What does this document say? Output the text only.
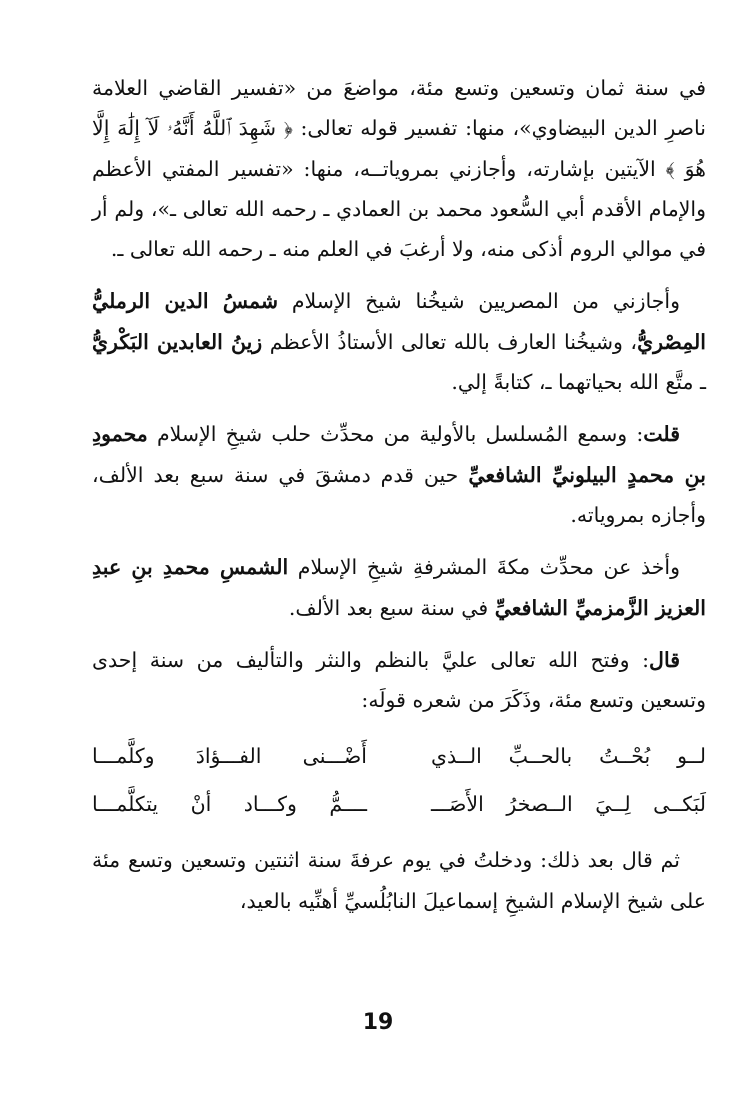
في سنة ثمان وتسعين وتسع مئة، مواضعَ من «تفسير القاضي العلامة ناصرِ الدين البيضاوي»، منها: تفسير قوله تعالى: ﴿ شَهِدَ ٱللَّهُ أَنَّهُۥ لَآ إِلَٰهَ إِلَّا هُوَ ﴾ الآيتين بإشارته، وأجازني بمروياتــه، منها: «تفسير المفتي الأعظم والإمام الأقدم أبي السُّعود محمد بن العمادي ـ رحمه الله تعالى ـ»، ولم أر في موالي الروم أذكى منه، ولا أرغبَ في العلم منه ـ رحمه الله تعالى ـ.

وأجازني من المصريين شيخُنا شيخ الإسلام شمسُ الدين الرمليُّ المِصْريُّ، وشيخُنا العارف بالله تعالى الأستاذُ الأعظم زينُ العابدين البَكْريُّ ـ متَّع الله بحياتهما ـ، كتابةً إلي.

قلت: وسمع المُسلسل بالأولية من محدِّث حلب شيخِ الإسلام محمودِ بنِ محمدٍ البيلونيِّ الشافعيِّ حين قدم دمشقَ في سنة سبع بعد الألف، وأجازه بمروياته.

وأخذ عن محدِّث مكةَ المشرفةِ شيخِ الإسلام الشمسِ محمدِ بنِ عبدِ العزيز الزَّمزميِّ الشافعيِّ في سنة سبع بعد الألف.

قال: وفتح الله تعالى عليَّ بالنظم والنثر والتأليف من سنة إحدى وتسعين وتسع مئة، وذَكَرَ من شعره قولَه:

لــو بُحْــتُ بالحــبِّ الــذي
أَضْـــنى الفـــؤادَ وكلَّمـــا
لَبَكــى لِــيَ الــصخرُ الأَصَـــ
ــــمُّ وكـــاد أنْ يتكلَّمـــا

ثم قال بعد ذلك: ودخلتُ في يوم عرفةَ سنة اثنتين وتسعين وتسع مئة على شيخ الإسلام الشيخِ إسماعيلَ النابُلُسيِّ أهنِّيه بالعيد،

19
